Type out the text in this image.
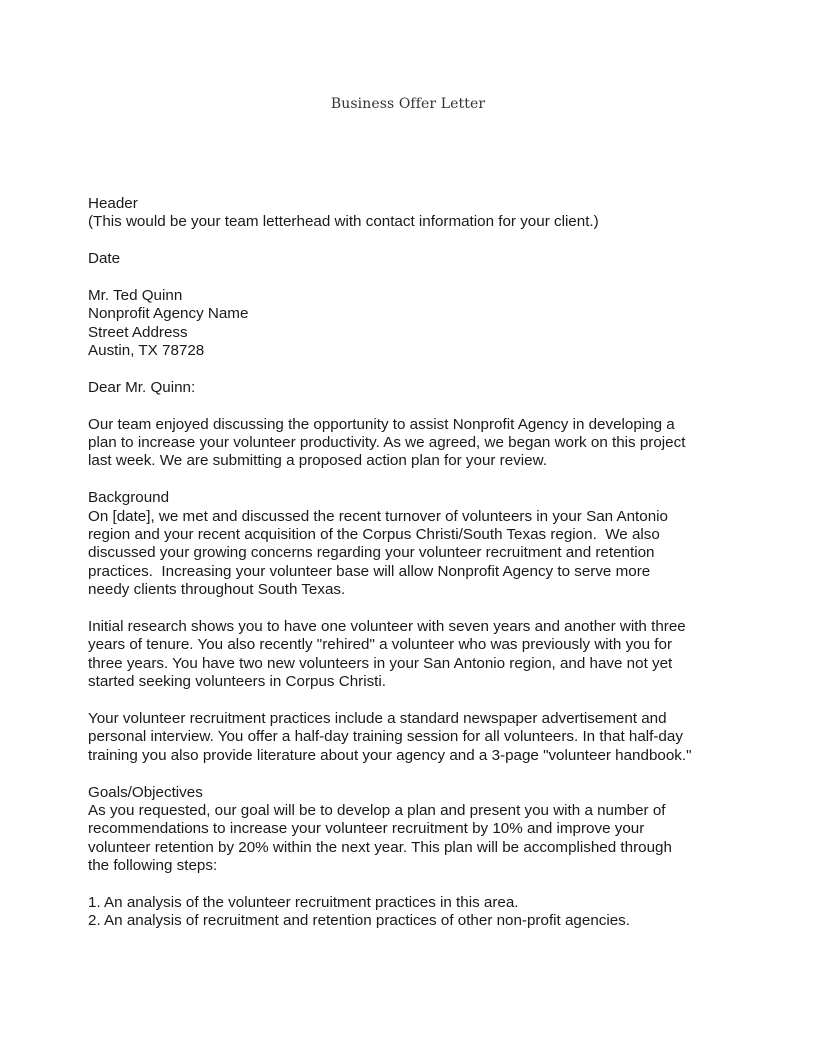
Business Offer Letter
Header
(This would be your team letterhead with contact information for your client.)
Date
Mr. Ted Quinn
Nonprofit Agency Name
Street Address
Austin, TX 78728
Dear Mr. Quinn:
Our team enjoyed discussing the opportunity to assist Nonprofit Agency in developing a
plan to increase your volunteer productivity. As we agreed, we began work on this project
last week. We are submitting a proposed action plan for your review.
Background
On [date], we met and discussed the recent turnover of volunteers in your San Antonio
region and your recent acquisition of the Corpus Christi/South Texas region.  We also
discussed your growing concerns regarding your volunteer recruitment and retention
practices.  Increasing your volunteer base will allow Nonprofit Agency to serve more
needy clients throughout South Texas.
Initial research shows you to have one volunteer with seven years and another with three
years of tenure. You also recently "rehired" a volunteer who was previously with you for
three years. You have two new volunteers in your San Antonio region, and have not yet
started seeking volunteers in Corpus Christi.
Your volunteer recruitment practices include a standard newspaper advertisement and
personal interview. You offer a half-day training session for all volunteers. In that half-day
training you also provide literature about your agency and a 3-page "volunteer handbook."
Goals/Objectives
As you requested, our goal will be to develop a plan and present you with a number of
recommendations to increase your volunteer recruitment by 10% and improve your
volunteer retention by 20% within the next year. This plan will be accomplished through
the following steps:
1. An analysis of the volunteer recruitment practices in this area.
2. An analysis of recruitment and retention practices of other non-profit agencies.
